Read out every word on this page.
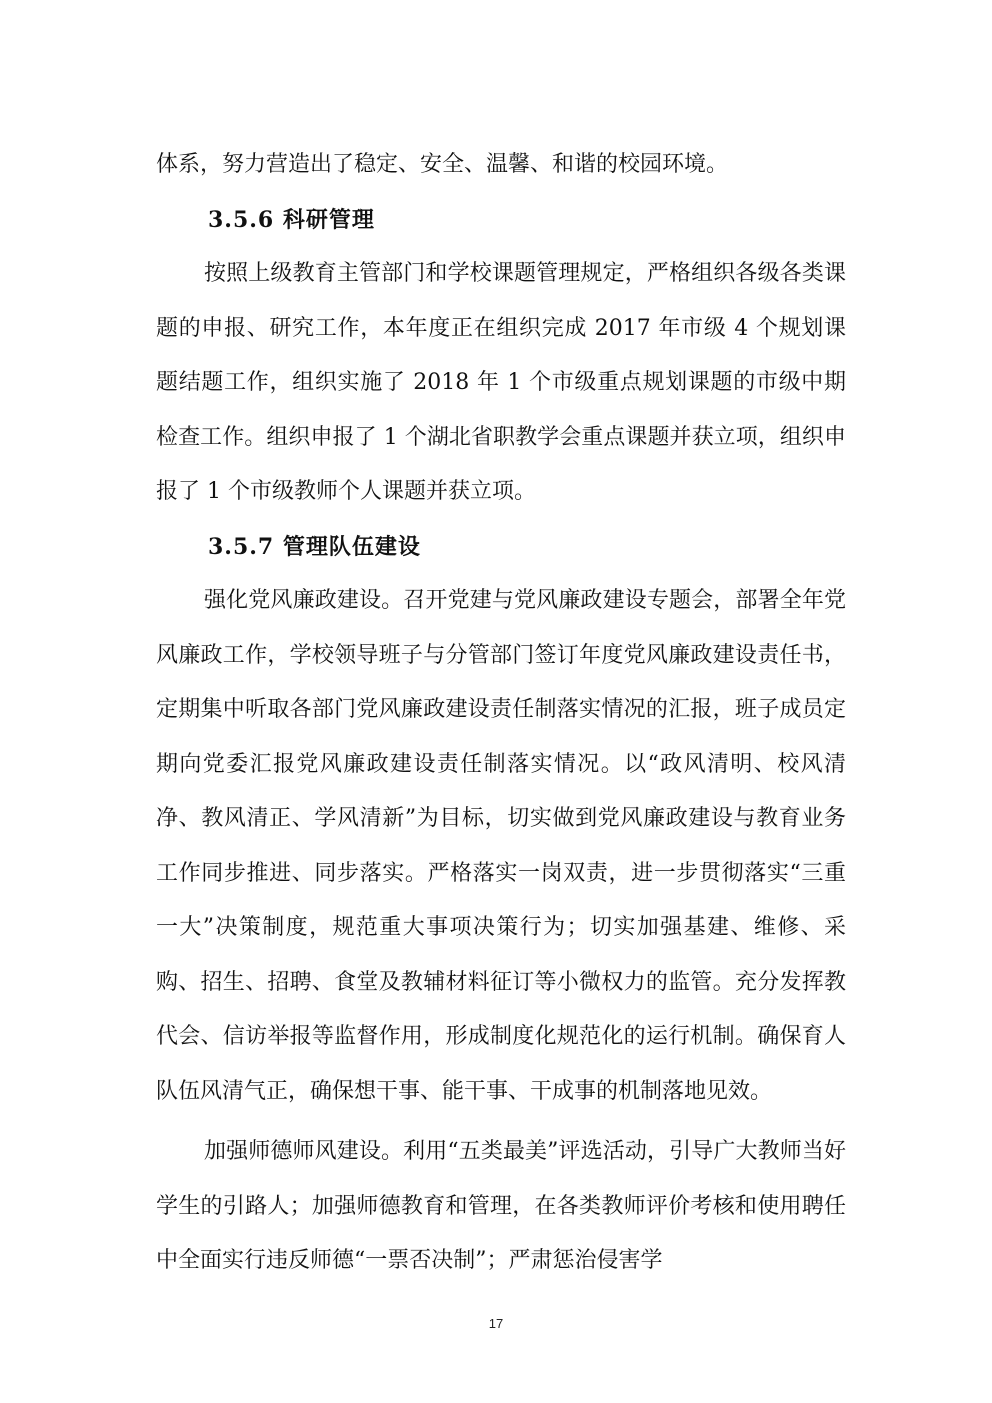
体系，努力营造出了稳定、安全、温馨、和谐的校园环境。

3.5.6 科研管理

按照上级教育主管部门和学校课题管理规定，严格组织各级各类课题的申报、研究工作，本年度正在组织完成 2017 年市级 4 个规划课题结题工作，组织实施了 2018 年 1 个市级重点规划课题的市级中期检查工作。组织申报了 1 个湖北省职教学会重点课题并获立项，组织申报了 1 个市级教师个人课题并获立项。

3.5.7 管理队伍建设

强化党风廉政建设。召开党建与党风廉政建设专题会，部署全年党风廉政工作，学校领导班子与分管部门签订年度党风廉政建设责任书，定期集中听取各部门党风廉政建设责任制落实情况的汇报，班子成员定期向党委汇报党风廉政建设责任制落实情况。以“政风清明、校风清净、教风清正、学风清新”为目标，切实做到党风廉政建设与教育业务工作同步推进、同步落实。严格落实一岗双责，进一步贯彻落实“三重一大”决策制度，规范重大事项决策行为；切实加强基建、维修、采购、招生、招聘、食堂及教辅材料征订等小微权力的监管。充分发挥教代会、信访举报等监督作用，形成制度化规范化的运行机制。确保育人队伍风清气正，确保想干事、能干事、干成事的机制落地见效。

加强师德师风建设。利用“五类最美”评选活动，引导广大教师当好学生的引路人；加强师德教育和管理，在各类教师评价考核和使用聘任中全面实行违反师德“一票否决制”；严肃惩治侵害学

17
